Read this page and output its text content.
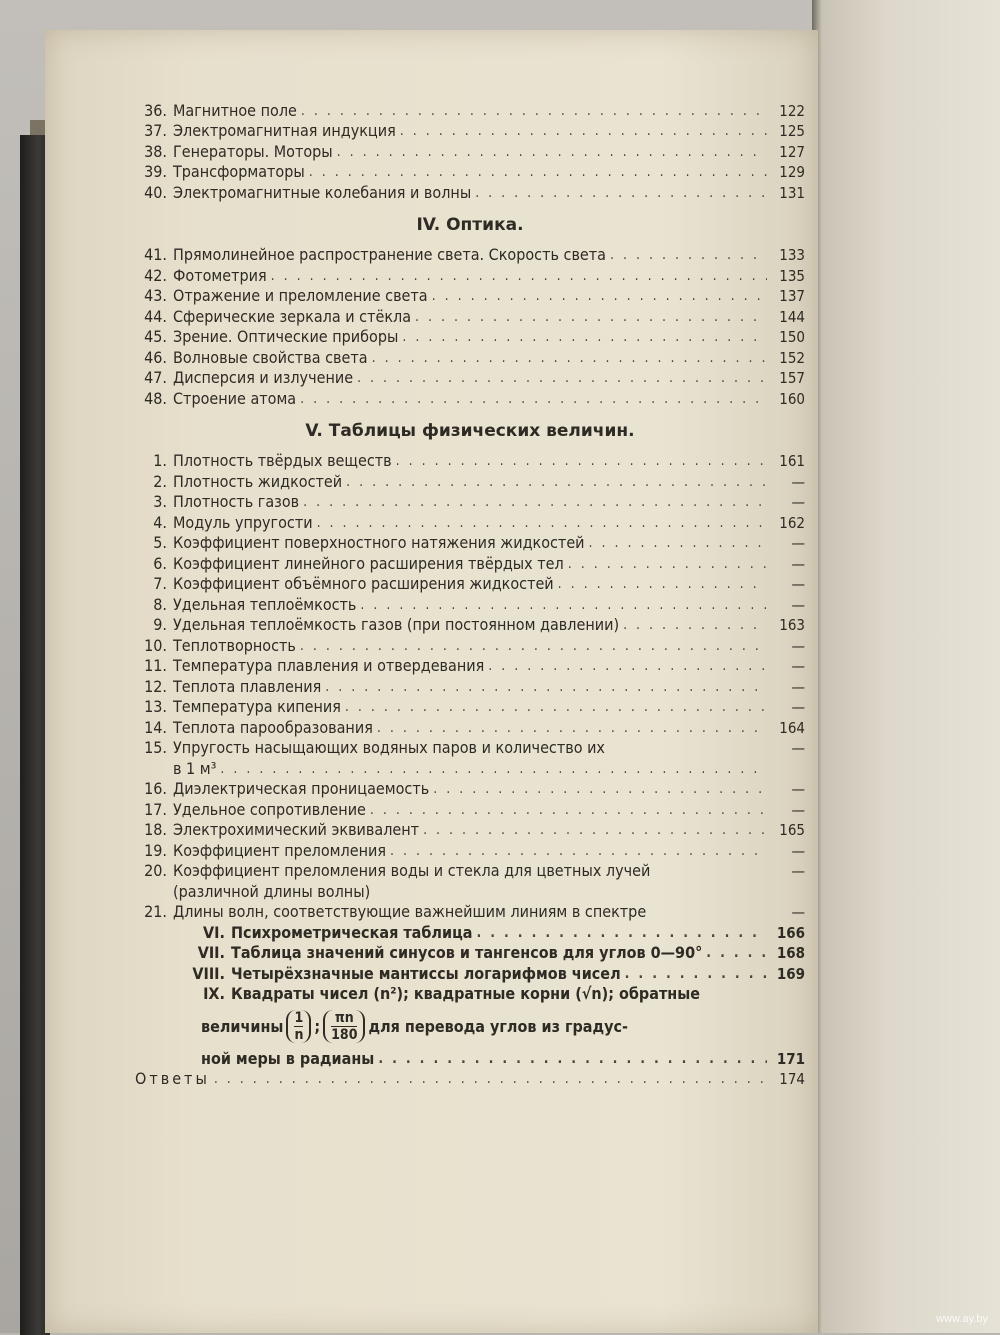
36. Магнитное поле .....	122
37. Электромагнитная индукция .....	125
38. Генераторы. Моторы .....	127
39. Трансформаторы .....	129
40. Электромагнитные колебания и волны .....	131
IV. Оптика.
41. Прямолинейное распространение света. Скорость света .....	133
42. Фотометрия .....	135
43. Отражение и преломление света .....	137
44. Сферические зеркала и стёкла .....	144
45. Зрение. Оптические приборы .....	150
46. Волновые свойства света .....	152
47. Дисперсия и излучение .....	157
48. Строение атома .....	160
V. Таблицы физических величин.
1. Плотность твёрдых веществ .....	161
2. Плотность жидкостей .....	—
3. Плотность газов .....	—
4. Модуль упругости .....	162
5. Коэффициент поверхностного натяжения жидкостей .....	—
6. Коэффициент линейного расширения твёрдых тел .....	—
7. Коэффициент объёмного расширения жидкостей .....	—
8. Удельная теплоёмкость .....	—
9. Удельная теплоёмкость газов (при постоянном давлении) .....	163
10. Теплотворность .....	—
11. Температура плавления и отвердевания .....	—
12. Теплота плавления .....	—
13. Температура кипения .....	—
14. Теплота парообразования .....	164
15. Упругость насыщающих водяных паров и количество их	—
в 1 м³
.....
16. Диэлектрическая проницаемость .....	—
17. Удельное сопротивление .....	—
18. Электрохимический эквивалент .....	165
19. Коэффициент преломления .....	—
20. Коэффициент преломления воды и стекла для цветных лучей	—
(различной длины волны)
21. Длины волн, соответствующие важнейшим линиям в спектре	—
VI. Психрометрическая таблица .....	166
VII. Таблица значений синусов и тангенсов для углов 0—90° .....	168
VIII. Четырёхзначные мантиссы логарифмов чисел .....	169
IX. Квадраты чисел (n²); квадратные корни (√n); обратные
величины $\frac{1}{n}$ ; $\frac{\pi n}{180}$ для перевода углов из градус-
ной меры в радианы .....	171
Ответы .....	174
www.ay.by
